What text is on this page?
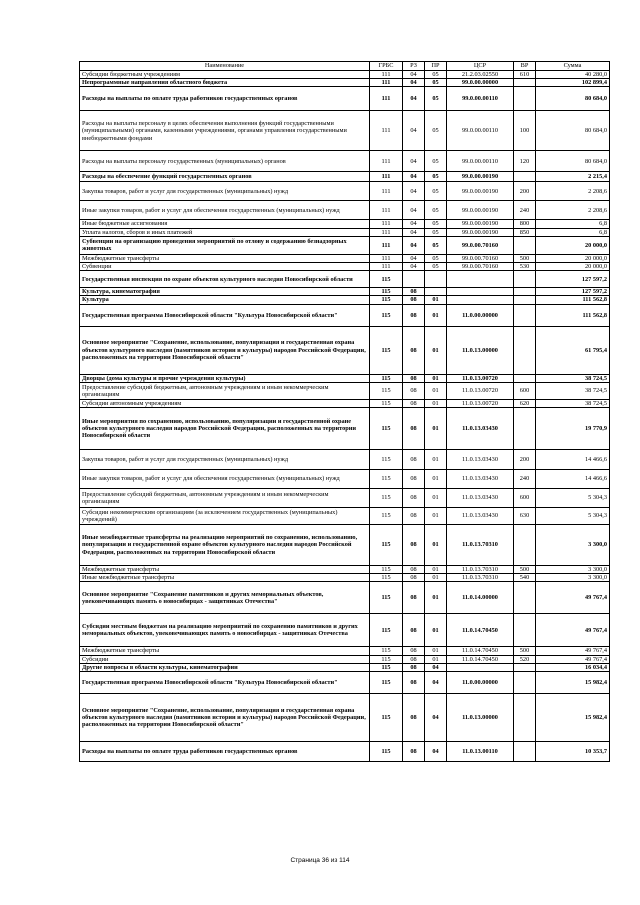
Наименование	ГРБС	РЗ	ПР	ЦСР	ВР	Сумма
Субсидии бюджетным учреждениям	111	04	05	21.2.03.02550	610	40 280,0
Непрограммные направления областного бюджета	111	04	05	99.0.00.00000		102 899,4
Расходы на выплаты по оплате труда работников государственных органов	111	04	05	99.0.00.00110		80 684,0
Расходы на выплаты персоналу в целях обеспечения выполнения функций государственными (муниципальными) органами, казенными учреждениями, органами управления государственными внебюджетными фондами	111	04	05	99.0.00.00110	100	80 684,0
Расходы на выплаты персоналу государственных (муниципальных) органов	111	04	05	99.0.00.00110	120	80 684,0
Расходы на обеспечение функций государственных органов	111	04	05	99.0.00.00190		2 215,4
Закупка товаров, работ и услуг для государственных (муниципальных) нужд	111	04	05	99.0.00.00190	200	2 208,6
Иные закупки товаров, работ и услуг для обеспечения государственных (муниципальных) нужд	111	04	05	99.0.00.00190	240	2 208,6
Иные бюджетные ассигнования	111	04	05	99.0.00.00190	800	6,8
Уплата налогов, сборов и иных платежей	111	04	05	99.0.00.00190	850	6,8
Субвенции на организацию проведения мероприятий по отлову и содержанию безнадзорных животных	111	04	05	99.0.00.70160		20 000,0
Межбюджетные трансферты	111	04	05	99.0.00.70160	500	20 000,0
Субвенции	111	04	05	99.0.00.70160	530	20 000,0
Государственная инспекция по охране объектов культурного наследия Новосибирской области	115					127 597,2
Культура, кинематография	115	08				127 597,2
Культура	115	08	01			111 562,8
Государственная программа Новосибирской области "Культура Новосибирской области"	115	08	01	11.0.00.00000		111 562,8
Основное мероприятие "Сохранение, использование, популяризация и государственная охрана объектов культурного наследия (памятников истории и культуры) народов Российской Федерации, расположенных на территории Новосибирской области"	115	08	01	11.0.13.00000		61 795,4
Дворцы (дома культуры и прочие учреждения культуры)	115	08	01	11.0.13.00720		38 724,5
Предоставление субсидий бюджетным, автономным учреждениям и иным некоммерческим организациям	115	08	01	11.0.13.00720	600	38 724,5
Субсидии автономным учреждениям	115	08	01	11.0.13.00720	620	38 724,5
Иные мероприятия по сохранению, использованию, популяризации и государственной охране объектов культурного наследия народов Российской Федерации, расположенных на территории Новосибирской области	115	08	01	11.0.13.03430		19 770,9
Закупка товаров, работ и услуг для государственных (муниципальных) нужд	115	08	01	11.0.13.03430	200	14 466,6
Иные закупки товаров, работ и услуг для обеспечения государственных (муниципальных) нужд	115	08	01	11.0.13.03430	240	14 466,6
Предоставление субсидий бюджетным, автономным учреждениям и иным некоммерческим организациям	115	08	01	11.0.13.03430	600	5 304,3
Субсидии некоммерческим организациям (за исключением государственных (муниципальных) учреждений)	115	08	01	11.0.13.03430	630	5 304,3
Иные межбюджетные трансферты на реализацию мероприятий по сохранению, использованию, популяризации и государственной охране объектов культурного наследия народов Российской Федерации, расположенных на территории Новосибирской области	115	08	01	11.0.13.70310		3 300,0
Межбюджетные трансферты	115	08	01	11.0.13.70310	500	3 300,0
Иные межбюджетные трансферты	115	08	01	11.0.13.70310	540	3 300,0
Основное мероприятие "Сохранение памятников и других мемориальных объектов, увековечивающих память о новосибирцах - защитниках Отечества"	115	08	01	11.0.14.00000		49 767,4
Субсидии местным бюджетам на реализацию мероприятий по сохранению памятников и других мемориальных объектов, увековечивающих память о новосибирцах - защитниках Отечества	115	08	01	11.0.14.70450		49 767,4
Межбюджетные трансферты	115	08	01	11.0.14.70450	500	49 767,4
Субсидии	115	08	01	11.0.14.70450	520	49 767,4
Другие вопросы в области культуры, кинематографии	115	08	04			16 034,4
Государственная программа Новосибирской области "Культура Новосибирской области"	115	08	04	11.0.00.00000		15 982,4
Основное мероприятие "Сохранение, использование, популяризация и государственная охрана объектов культурного наследия (памятников истории и культуры) народов Российской Федерации, расположенных на территории Новосибирской области"	115	08	04	11.0.13.00000		15 982,4
Расходы на выплаты по оплате труда работников государственных органов	115	08	04	11.0.13.00110		10 353,7
Страница 36 из 114
